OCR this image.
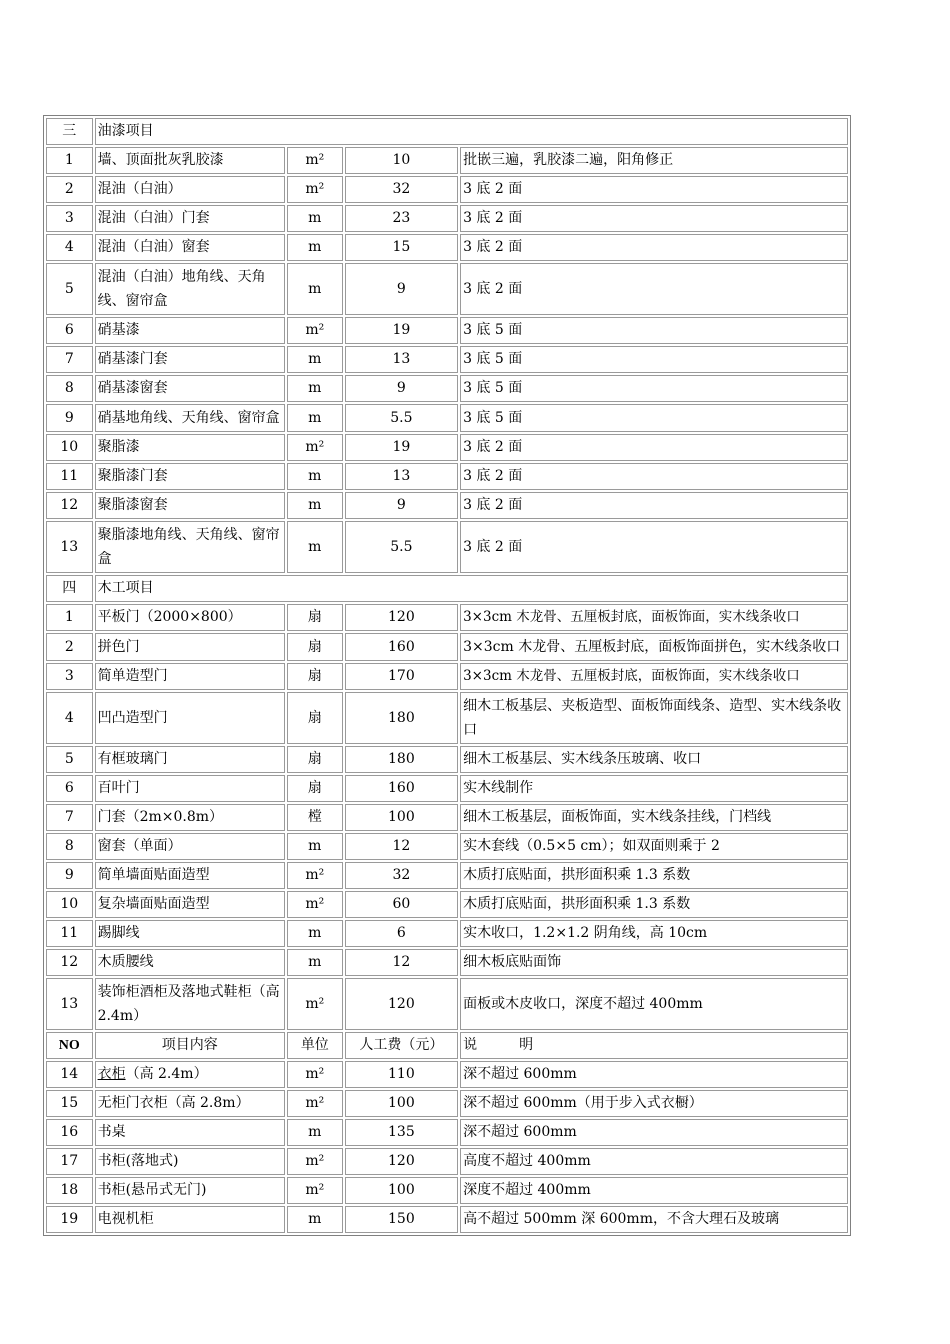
三	油漆项目			
1	墙、顶面批灰乳胶漆	m²	10	批嵌三遍，乳胶漆二遍，阳角修正
2	混油（白油）	m²	32	3 底 2 面
3	混油（白油）门套	m	23	3 底 2 面
4	混油（白油）窗套	m	15	3 底 2 面
5	混油（白油）地角线、天角线、窗帘盒	m	9	3 底 2 面
6	硝基漆	m²	19	3 底 5 面
7	硝基漆门套	m	13	3 底 5 面
8	硝基漆窗套	m	9	3 底 5 面
9	硝基地角线、天角线、窗帘盒	m	5.5	3 底 5 面
10	聚脂漆	m²	19	3 底 2 面
11	聚脂漆门套	m	13	3 底 2 面
12	聚脂漆窗套	m	9	3 底 2 面
13	聚脂漆地角线、天角线、窗帘盒	m	5.5	3 底 2 面
四	木工项目			
1	平板门（2000×800）	扇	120	3×3cm 木龙骨、五厘板封底，面板饰面，实木线条收口
2	拼色门	扇	160	3×3cm 木龙骨、五厘板封底，面板饰面拼色，实木线条收口
3	简单造型门	扇	170	3×3cm 木龙骨、五厘板封底，面板饰面，实木线条收口
4	凹凸造型门	扇	180	细木工板基层、夹板造型、面板饰面线条、造型、实木线条收口
5	有框玻璃门	扇	180	细木工板基层、实木线条压玻璃、收口
6	百叶门	扇	160	实木线制作
7	门套（2m×0.8m）	樘	100	细木工板基层，面板饰面，实木线条挂线，门档线
8	窗套（单面）	m	12	实木套线（0.5×5 cm）；如双面则乘于 2
9	简单墙面贴面造型	m²	32	木质打底贴面，拱形面积乘 1.3 系数
10	复杂墙面贴面造型	m²	60	木质打底贴面，拱形面积乘 1.3 系数
11	踢脚线	m	6	实木收口，1.2×1.2 阴角线，高 10cm
12	木质腰线	m	12	细木板底贴面饰
13	装饰柜酒柜及落地式鞋柜（高 2.4m）	m²	120	面板或木皮收口，深度不超过 400mm
NO	项目内容	单位	人工费（元）	说　　　明
14	衣柜（高 2.4m）	m²	110	深不超过 600mm
15	无柜门衣柜（高 2.8m）	m²	100	深不超过 600mm（用于步入式衣橱）
16	书桌	m	135	深不超过 600mm
17	书柜(落地式)	m²	120	高度不超过 400mm
18	书柜(悬吊式无门)	m²	100	深度不超过 400mm
19	电视机柜	m	150	高不超过 500mm 深 600mm，不含大理石及玻璃
